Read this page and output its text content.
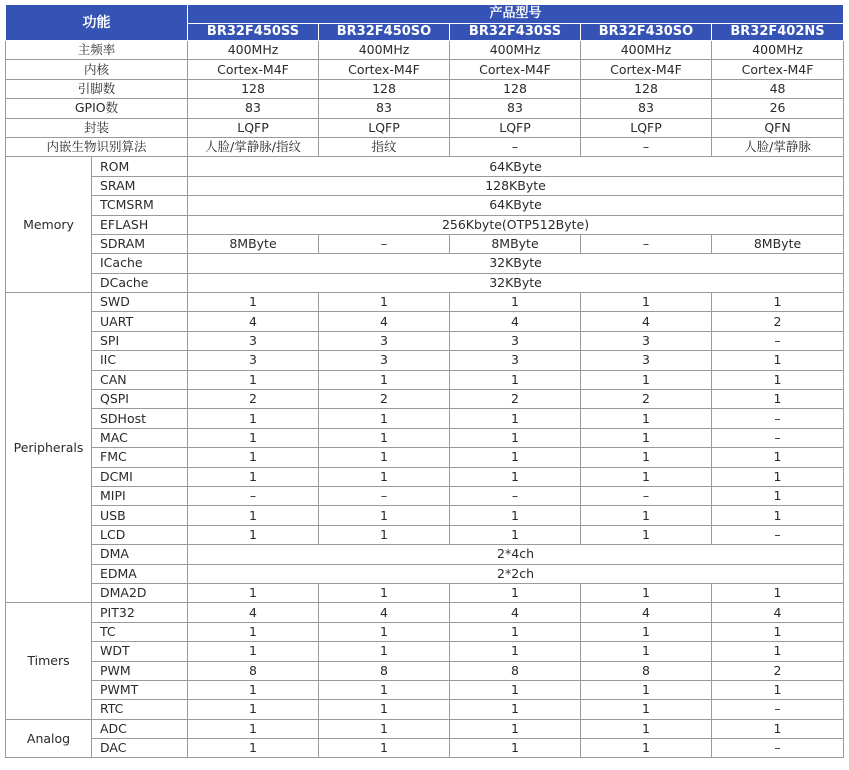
功能		产品型号				
		BR32F450SS	BR32F450SO	BR32F430SS	BR32F430SO	BR32F402NS
主频率		400MHz	400MHz	400MHz	400MHz	400MHz
内核		Cortex-M4F	Cortex-M4F	Cortex-M4F	Cortex-M4F	Cortex-M4F
引脚数		128	128	128	128	48
GPIO数		83	83	83	83	26
封装		LQFP	LQFP	LQFP	LQFP	QFN
内嵌生物识别算法		人脸/掌静脉/指纹	指纹	–	–	人脸/掌静脉
Memory	ROM	64KByte				
	SRAM	128KByte				
	TCMSRM	64KByte				
	EFLASH	256Kbyte(OTP512Byte)				
	SDRAM	8MByte	–	8MByte	–	8MByte
	ICache	32KByte				
	DCache	32KByte				
Peripherals	SWD	1	1	1	1	1
	UART	4	4	4	4	2
	SPI	3	3	3	3	–
	IIC	3	3	3	3	1
	CAN	1	1	1	1	1
	QSPI	2	2	2	2	1
	SDHost	1	1	1	1	–
	MAC	1	1	1	1	–
	FMC	1	1	1	1	1
	DCMI	1	1	1	1	1
	MIPI	–	–	–	–	1
	USB	1	1	1	1	1
	LCD	1	1	1	1	–
	DMA	2*4ch				
	EDMA	2*2ch				
	DMA2D	1	1	1	1	1
Timers	PIT32	4	4	4	4	4
	TC	1	1	1	1	1
	WDT	1	1	1	1	1
	PWM	8	8	8	8	2
	PWMT	1	1	1	1	1
	RTC	1	1	1	1	–
Analog	ADC	1	1	1	1	1
	DAC	1	1	1	1	–
